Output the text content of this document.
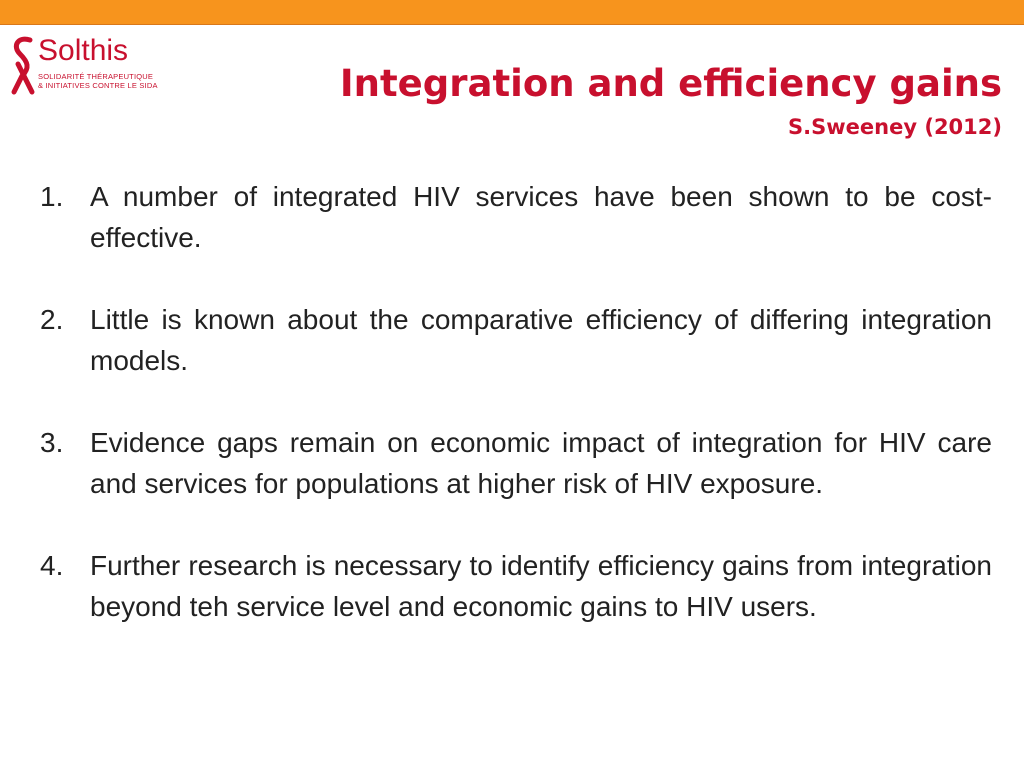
Solthis
SOLIDARITÉ THÉRAPEUTIQUE
& INITIATIVES CONTRE LE SIDA	Integration and efficiency gains
S.Sweeney (2012)
1. A number of integrated HIV services have been shown to be cost-effective.
2. Little is known about the comparative efficiency of differing integration models.
3. Evidence gaps remain on economic impact of integration for HIV care and services for populations at higher risk of HIV exposure.
4. Further research is necessary to identify efficiency gains from integration beyond teh service level and economic gains to HIV users.
